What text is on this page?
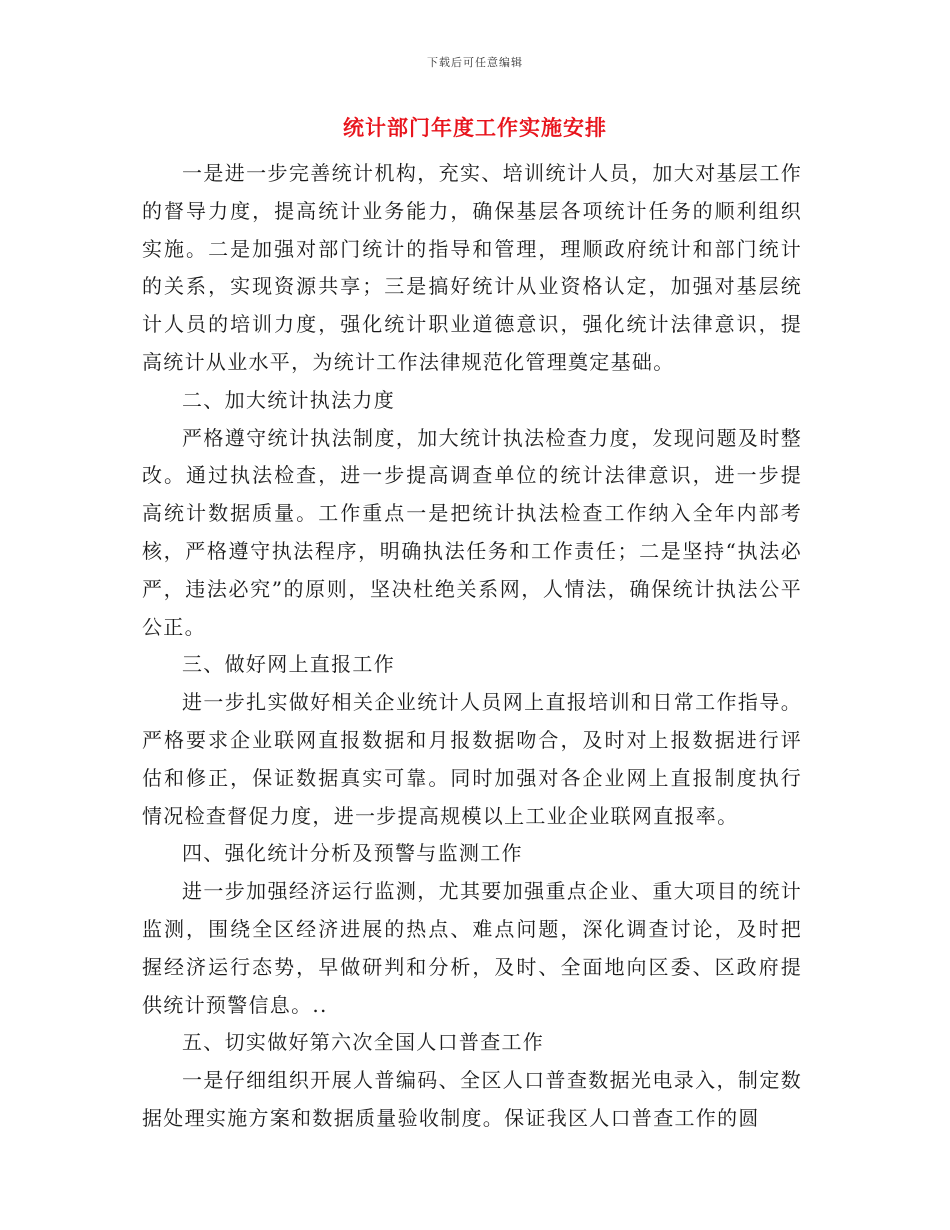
下载后可任意编辑
统计部门年度工作实施安排

一是进一步完善统计机构，充实、培训统计人员，加大对基层工作的督导力度，提高统计业务能力，确保基层各项统计任务的顺利组织实施。二是加强对部门统计的指导和管理，理顺政府统计和部门统计的关系，实现资源共享；三是搞好统计从业资格认定，加强对基层统计人员的培训力度，强化统计职业道德意识，强化统计法律意识，提高统计从业水平，为统计工作法律规范化管理奠定基础。

二、加大统计执法力度

严格遵守统计执法制度，加大统计执法检查力度，发现问题及时整改。通过执法检查，进一步提高调查单位的统计法律意识，进一步提高统计数据质量。工作重点一是把统计执法检查工作纳入全年内部考核，严格遵守执法程序，明确执法任务和工作责任；二是坚持“执法必严，违法必究”的原则，坚决杜绝关系网，人情法，确保统计执法公平公正。

三、做好网上直报工作

进一步扎实做好相关企业统计人员网上直报培训和日常工作指导。严格要求企业联网直报数据和月报数据吻合，及时对上报数据进行评估和修正，保证数据真实可靠。同时加强对各企业网上直报制度执行情况检查督促力度，进一步提高规模以上工业企业联网直报率。

四、强化统计分析及预警与监测工作

进一步加强经济运行监测，尤其要加强重点企业、重大项目的统计监测，围绕全区经济进展的热点、难点问题，深化调查讨论，及时把握经济运行态势，早做研判和分析，及时、全面地向区委、区政府提供统计预警信息。..

五、切实做好第六次全国人口普查工作

一是仔细组织开展人普编码、全区人口普查数据光电录入，制定数据处理实施方案和数据质量验收制度。保证我区人口普查工作的圆
